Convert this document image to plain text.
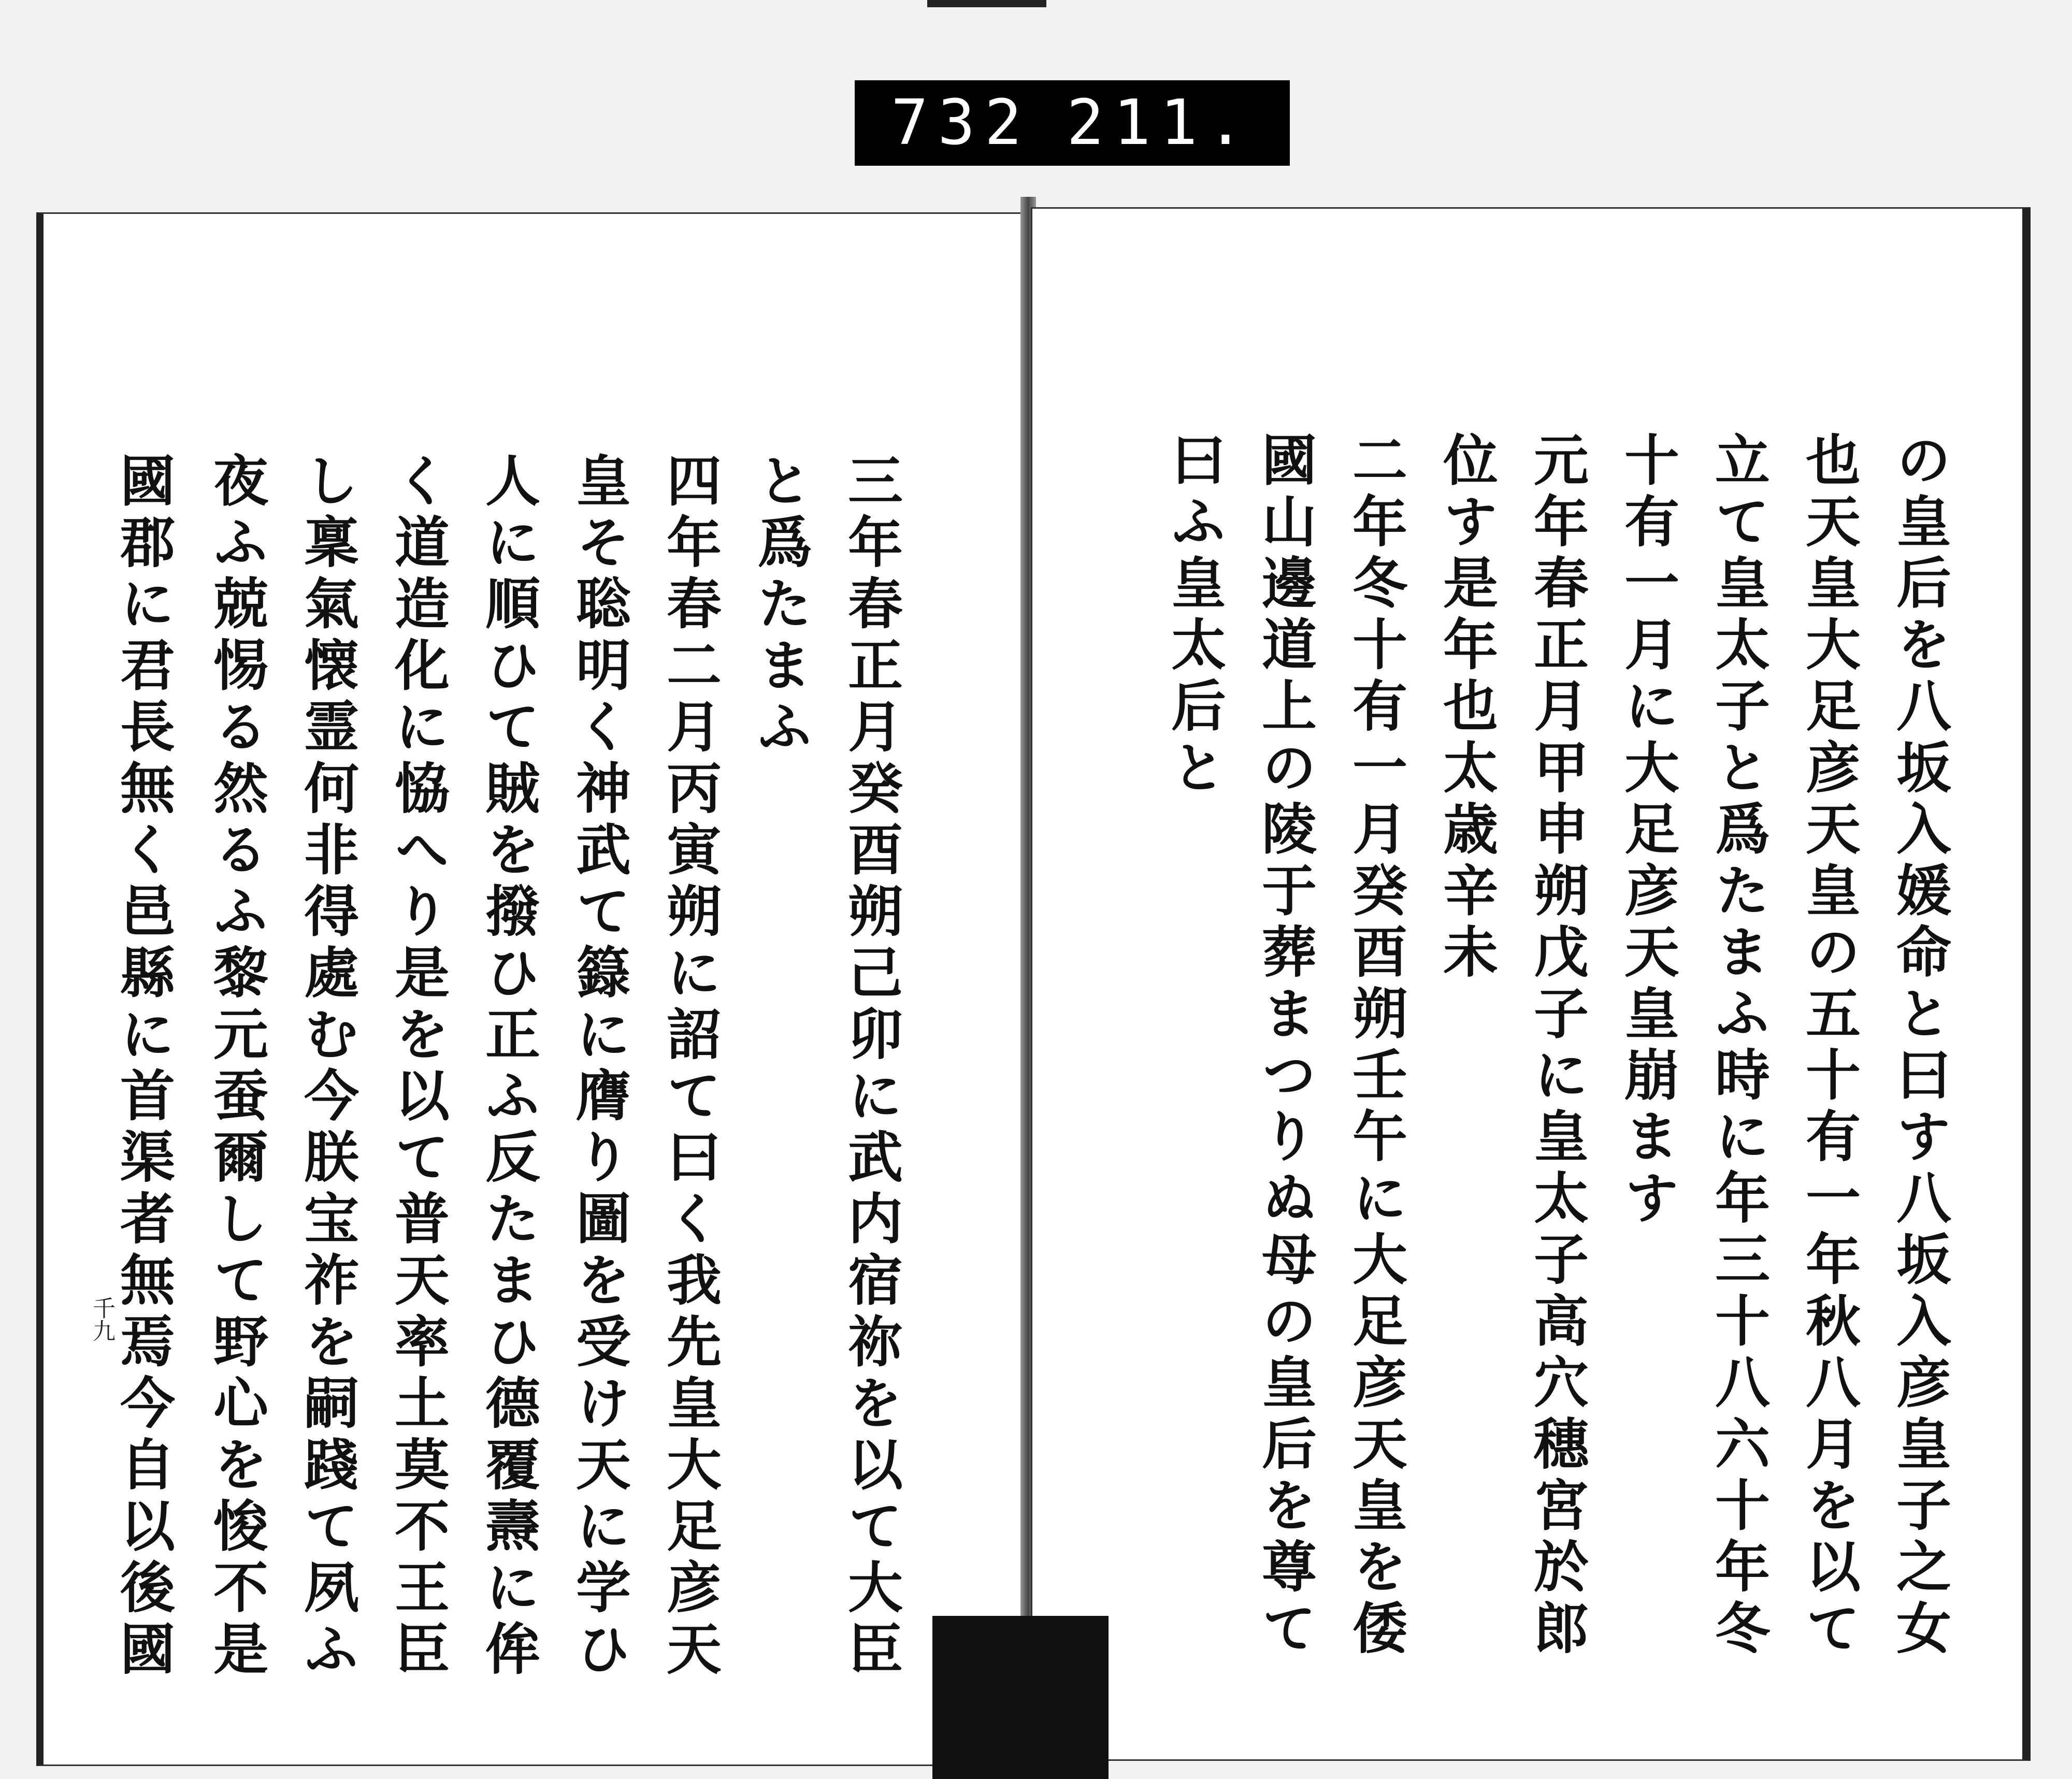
732 211.
千九	三年春正月癸酉朔己卯に武内宿祢を以て大臣
と爲たまふ
四年春二月丙寅朔に詔て曰く我先皇大足彦天
皇そ聡明く神武て籙に膺り圖を受け天に学ひ
人に順ひて賊を撥ひ正ふ反たまひ德覆燾に侔
く道造化に恊へり是を以て普天率土莫不王臣
し稟氣懐霊何非得處む今朕宝祚を嗣踐て夙ふ
夜ふ兢惕る然るふ黎元蚕爾して野心を悛不是
國郡に君長無く邑縣に首渠者無焉今自以後國	の皇后を八坂入媛命と曰す八坂入彦皇子之女
也天皇大足彦天皇の五十有一年秋八月を以て
立て皇太子と爲たまふ時に年三十八六十年冬
十有一月に大足彦天皇崩ます
元年春正月甲申朔戊子に皇太子高穴穗宮於郎
位す是年也太歳辛未
二年冬十有一月癸酉朔壬午に大足彦天皇を倭
國山邊道上の陵于葬まつりぬ母の皇后を尊て
曰ふ皇太后と
